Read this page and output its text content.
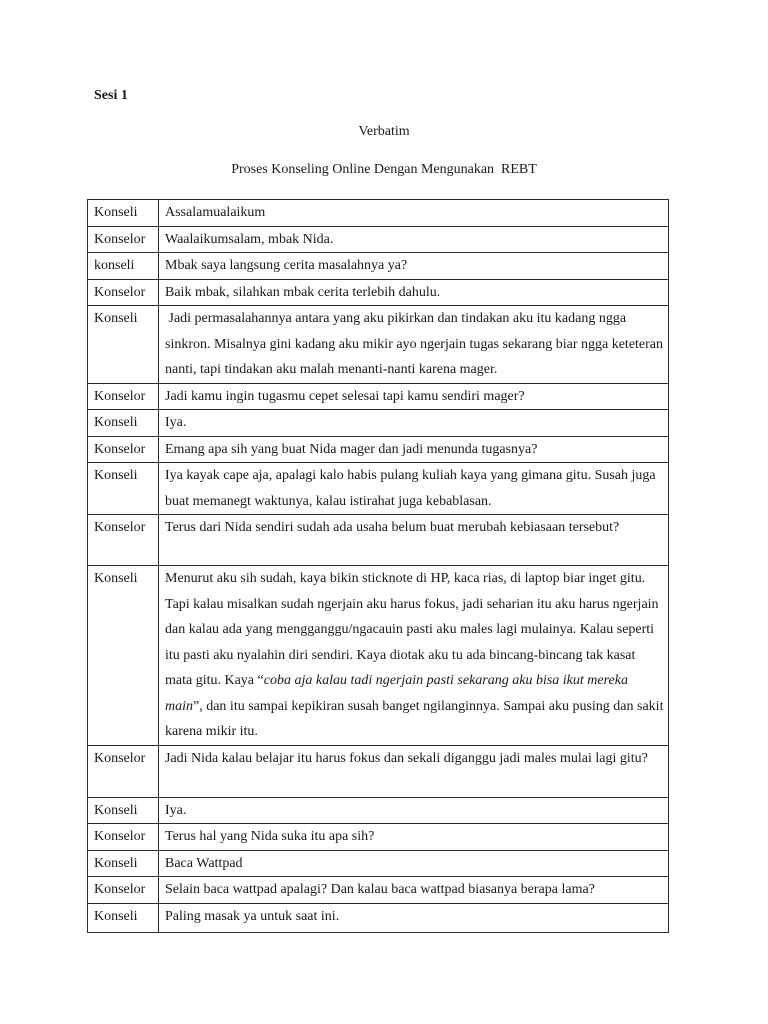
Sesi 1
Verbatim
Proses Konseling Online Dengan Mengunakan  REBT
Konseli	Assalamualaikum
Konselor	Waalaikumsalam, mbak Nida.
konseli	Mbak saya langsung cerita masalahnya ya?
Konselor	Baik mbak, silahkan mbak cerita terlebih dahulu.
Konseli	Jadi permasalahannya antara yang aku pikirkan dan tindakan aku itu kadang ngga sinkron. Misalnya gini kadang aku mikir ayo ngerjain tugas sekarang biar ngga keteteran nanti, tapi tindakan aku malah menanti-nanti karena mager.
Konselor	Jadi kamu ingin tugasmu cepet selesai tapi kamu sendiri mager?
Konseli	Iya.
Konselor	Emang apa sih yang buat Nida mager dan jadi menunda tugasnya?
Konseli	Iya kayak cape aja, apalagi kalo habis pulang kuliah kaya yang gimana gitu. Susah juga buat memanegt waktunya, kalau istirahat juga kebablasan.
Konselor	Terus dari Nida sendiri sudah ada usaha belum buat merubah kebiasaan tersebut?
Konseli	Menurut aku sih sudah, kaya bikin sticknote di HP, kaca rias, di laptop biar inget gitu. Tapi kalau misalkan sudah ngerjain aku harus fokus, jadi seharian itu aku harus ngerjain dan kalau ada yang mengganggu/ngacauin pasti aku males lagi mulainya. Kalau seperti itu pasti aku nyalahin diri sendiri. Kaya diotak aku tu ada bincang-bincang tak kasat mata gitu. Kaya “coba aja kalau tadi ngerjain pasti sekarang aku bisa ikut mereka main”, dan itu sampai kepikiran susah banget ngilanginnya. Sampai aku pusing dan sakit karena mikir itu.
Konselor	Jadi Nida kalau belajar itu harus fokus dan sekali diganggu jadi males mulai lagi gitu?
Konseli	Iya.
Konselor	Terus hal yang Nida suka itu apa sih?
Konseli	Baca Wattpad
Konselor	Selain baca wattpad apalagi? Dan kalau baca wattpad biasanya berapa lama?
Konseli	Paling masak ya untuk saat ini.
